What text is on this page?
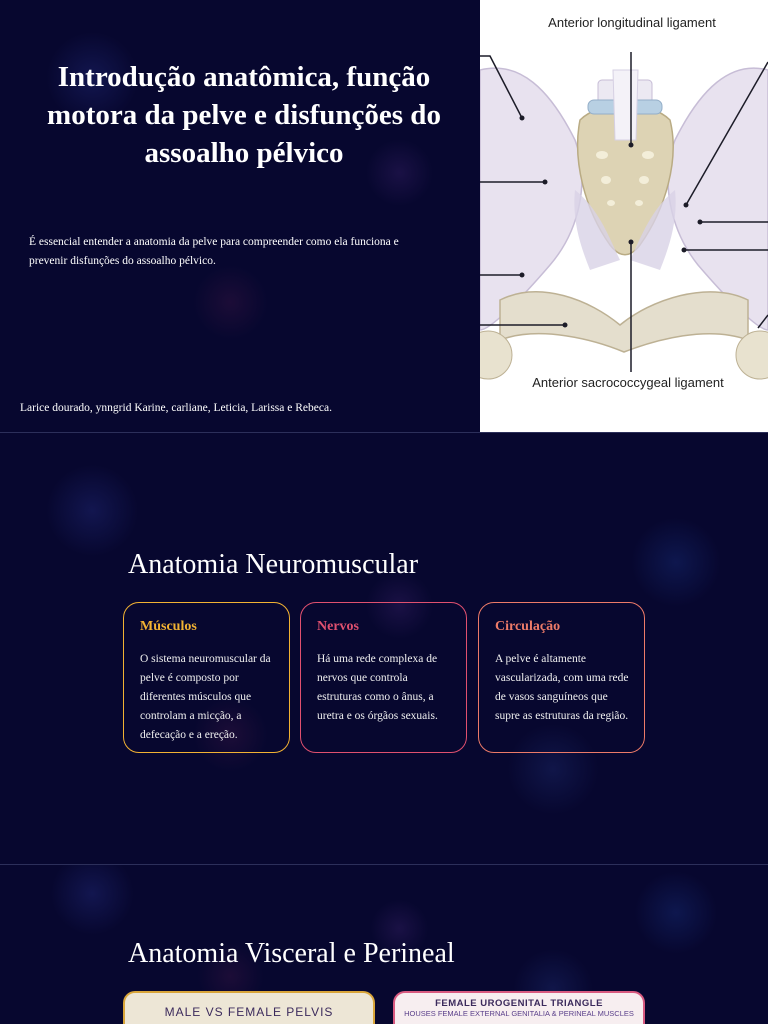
Introdução anatômica, função motora da pelve e disfunções do assoalho pélvico

É essencial entender a anatomia da pelve para compreender como ela funciona e prevenir disfunções do assoalho pélvico.

Larice dourado, ynngrid Karine, carliane, Leticia, Larissa e Rebeca.

Anterior longitudinal ligament
Anterior sacrococcygeal ligament
Anatomia Neuromuscular
Músculos
O sistema neuromuscular da pelve é composto por diferentes músculos que controlam a micção, a defecação e a ereção.
Nervos
Há uma rede complexa de nervos que controla estruturas como o ânus, a uretra e os órgãos sexuais.
Circulação
A pelve é altamente vascularizada, com uma rede de vasos sanguíneos que supre as estruturas da região.
Anatomia Visceral e Perineal
MALE VS FEMALE PELVIS
FEMALE UROGENITAL TRIANGLE
HOUSES FEMALE EXTERNAL GENITALIA & PERINEAL MUSCLES
